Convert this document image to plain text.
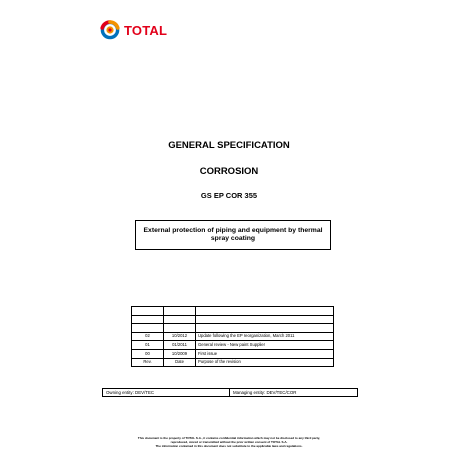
TOTAL
GENERAL SPECIFICATION
CORROSION
GS EP COR 355
External protection of piping and equipment by thermal spray coating

02	10/2012	Update following the EP reorganization, March 2011
01	01/2011	General review - New paint Supplier
00	10/2009	First issue
Rev.	Date	Purpose of the revision
Owning entity: DEV/TEC	Managing entity: DEV/TEC/COR
This document is the property of TOTAL S.A., it contains confidential information which may not be disclosed to any third party,
reproduced, stored or transmitted without the prior written consent of TOTAL S.A.
The information contained in this document does not substitute to the applicable laws and regulations.
